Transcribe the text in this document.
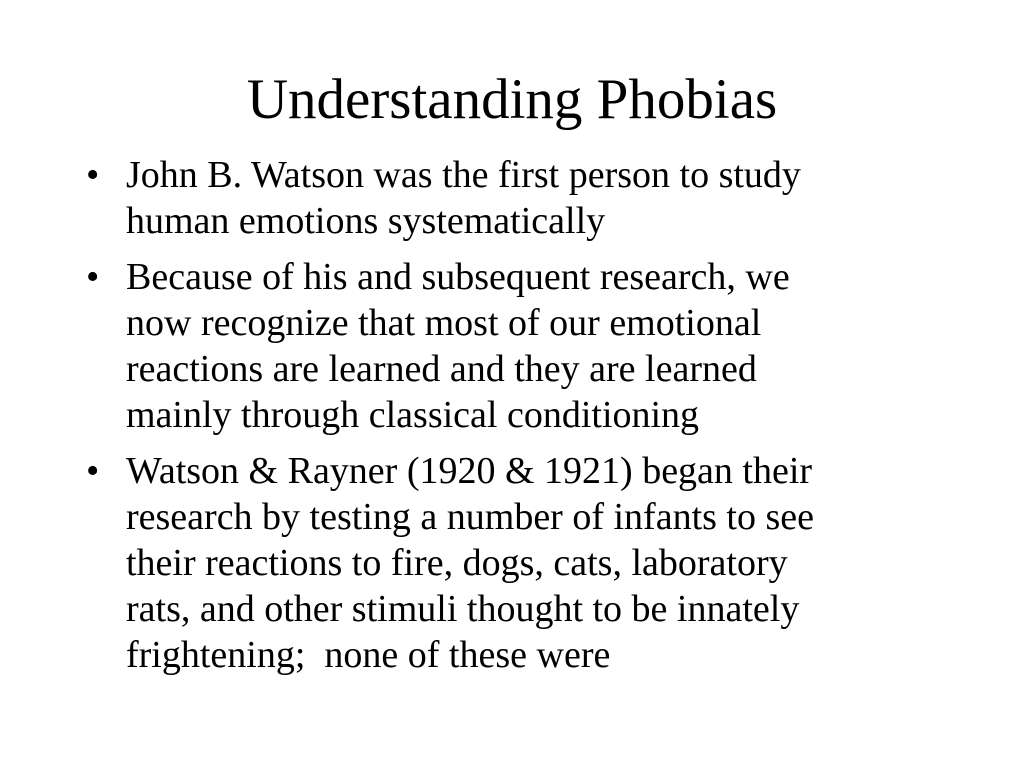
Understanding Phobias
• John B. Watson was the first person to study
human emotions systematically
• Because of his and subsequent research, we
now recognize that most of our emotional
reactions are learned and they are learned
mainly through classical conditioning
• Watson & Rayner (1920 & 1921) began their
research by testing a number of infants to see
their reactions to fire, dogs, cats, laboratory
rats, and other stimuli thought to be innately
frightening;  none of these were
